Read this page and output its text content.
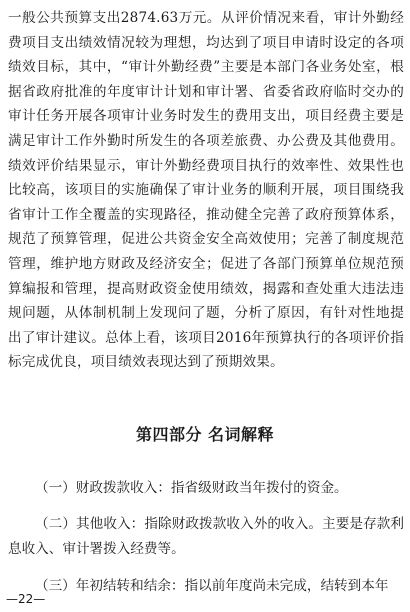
一般公共预算支出2874.63万元。从评价情况来看，审计外勤经费项目支出绩效情况较为理想，均达到了项目申请时设定的各项绩效目标，其中，“审计外勤经费”主要是本部门各业务处室，根据省政府批准的年度审计计划和审计署、省委省政府临时交办的审计任务开展各项审计业务时发生的费用支出，项目经费主要是满足审计工作外勤时所发生的各项差旅费、办公费及其他费用。绩效评价结果显示，审计外勤经费项目执行的效率性、效果性也比较高，该项目的实施确保了审计业务的顺利开展，项目围绕我省审计工作全覆盖的实现路径，推动健全完善了政府预算体系，规范了预算管理，促进公共资金安全高效使用；完善了制度规范管理，维护地方财政及经济安全；促进了各部门预算单位规范预算编报和管理，提高财政资金使用绩效，揭露和查处重大违法违规问题，从体制机制上发现问了题，分析了原因，有针对性地提出了审计建议。总体上看，该项目2016年预算执行的各项评价指标完成优良，项目绩效表现达到了预期效果。

第四部分 名词解释

（一）财政拨款收入：指省级财政当年拨付的资金。

（二）其他收入：指除财政拨款收入外的收入。主要是存款利息收入、审计署拨入经费等。

（三）年初结转和结余：指以前年度尚未完成，结转到本年

—22—
